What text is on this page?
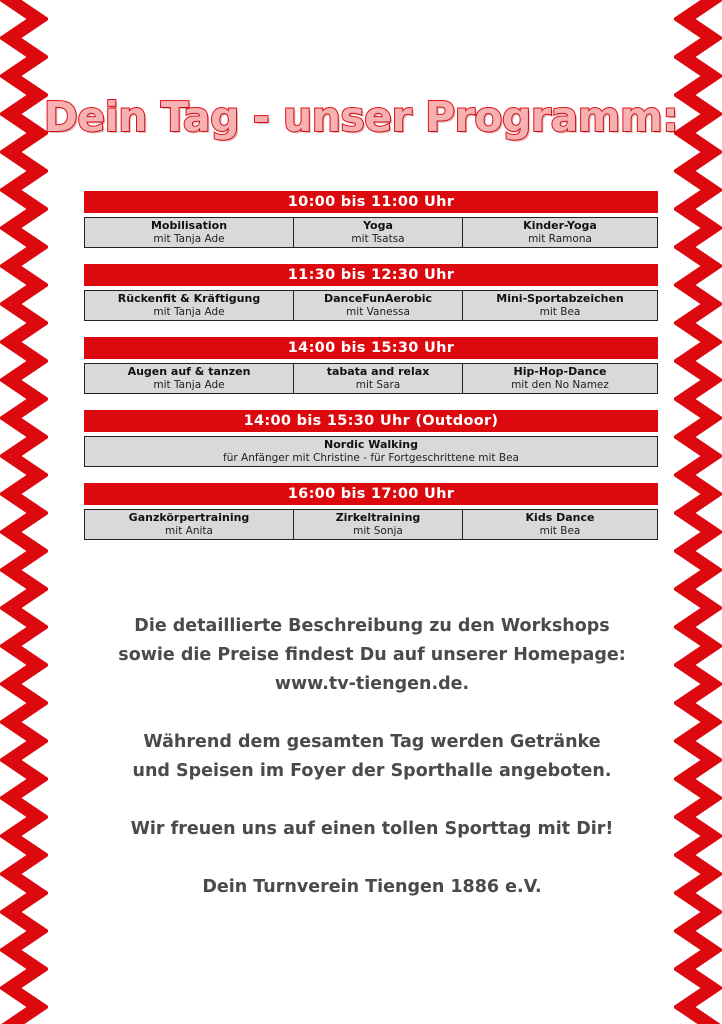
Dein Tag - unser Programm:
10:00 bis 11:00 Uhr
Mobilisation
mit Tanja Ade
Yoga
mit Tsatsa
Kinder-Yoga
mit Ramona
11:30 bis 12:30 Uhr
Rückenfit & Kräftigung
mit Tanja Ade
DanceFunAerobic
mit Vanessa
Mini-Sportabzeichen
mit Bea
14:00 bis 15:30 Uhr
Augen auf & tanzen
mit Tanja Ade
tabata and relax
mit Sara
Hip-Hop-Dance
mit den No Namez
14:00 bis 15:30 Uhr (Outdoor)
Nordic Walking
für Anfänger mit Christine - für Fortgeschrittene mit Bea
16:00 bis 17:00 Uhr
Ganzkörpertraining
mit Anita
Zirkeltraining
mit Sonja
Kids Dance
mit Bea

Die detaillierte Beschreibung zu den Workshops
sowie die Preise findest Du auf unserer Homepage:
www.tv-tiengen.de.

Während dem gesamten Tag werden Getränke
und Speisen im Foyer der Sporthalle angeboten.

Wir freuen uns auf einen tollen Sporttag mit Dir!

Dein Turnverein Tiengen 1886 e.V.
